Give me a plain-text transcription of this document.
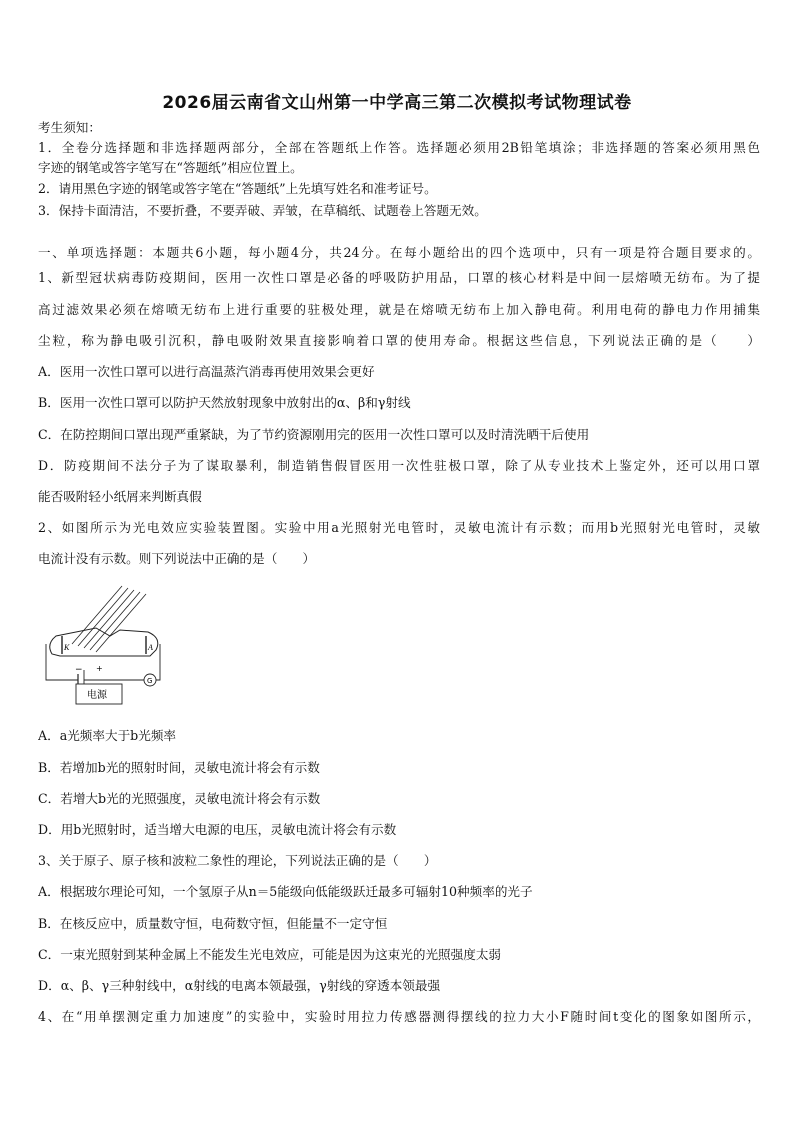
2026届云南省文山州第一中学高三第二次模拟考试物理试卷
考生须知：
1．全卷分选择题和非选择题两部分，全部在答题纸上作答。选择题必须用2B铅笔填涂；非选择题的答案必须用黑色
字迹的钢笔或答字笔写在“答题纸”相应位置上。
2．请用黑色字迹的钢笔或答字笔在“答题纸”上先填写姓名和准考证号。
3．保持卡面清洁，不要折叠，不要弄破、弄皱，在草稿纸、试题卷上答题无效。
一、单项选择题：本题共6小题，每小题4分，共24分。在每小题给出的四个选项中，只有一项是符合题目要求的。
1、新型冠状病毒防疫期间，医用一次性口罩是必备的呼吸防护用品，口罩的核心材料是中间一层熔喷无纺布。为了提
高过滤效果必须在熔喷无纺布上进行重要的驻极处理，就是在熔喷无纺布上加入静电荷。利用电荷的静电力作用捕集
尘粒，称为静电吸引沉积，静电吸附效果直接影响着口罩的使用寿命。根据这些信息，下列说法正确的是（　　）
A．医用一次性口罩可以进行高温蒸汽消毒再使用效果会更好
B．医用一次性口罩可以防护天然放射现象中放射出的α、β和γ射线
C．在防控期间口罩出现严重紧缺，为了节约资源刚用完的医用一次性口罩可以及时清洗晒干后使用
D．防疫期间不法分子为了谋取暴利，制造销售假冒医用一次性驻极口罩，除了从专业技术上鉴定外，还可以用口罩
能否吸附轻小纸屑来判断真假
2、如图所示为光电效应实验装置图。实验中用a光照射光电管时，灵敏电流计有示数；而用b光照射光电管时，灵敏
电流计没有示数。则下列说法中正确的是（　　）
K	A
G
− +
电源
A．a光频率大于b光频率
B．若增加b光的照射时间，灵敏电流计将会有示数
C．若增大b光的光照强度，灵敏电流计将会有示数
D．用b光照射时，适当增大电源的电压，灵敏电流计将会有示数
3、关于原子、原子核和波粒二象性的理论，下列说法正确的是（　　）
A．根据玻尔理论可知，一个氢原子从n＝5能级向低能级跃迁最多可辐射10种频率的光子
B．在核反应中，质量数守恒，电荷数守恒，但能量不一定守恒
C．一束光照射到某种金属上不能发生光电效应，可能是因为这束光的光照强度太弱
D．α、β、γ三种射线中，α射线的电离本领最强，γ射线的穿透本领最强
4、在“用单摆测定重力加速度”的实验中，实验时用拉力传感器测得摆线的拉力大小F随时间t变化的图象如图所示，
